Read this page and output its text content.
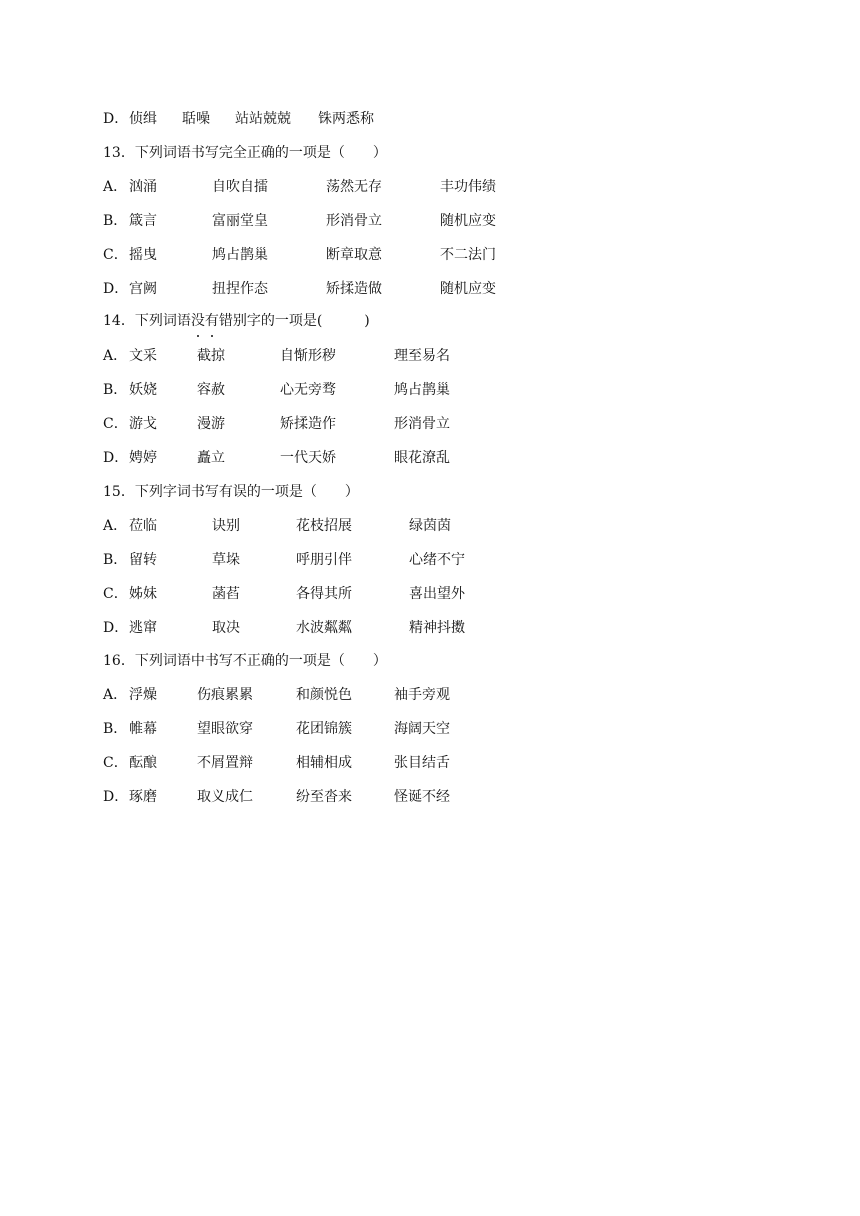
D． 侦缉 聒噪 站站兢兢 铢两悉称
13．下列词语书写完全正确的一项是（　　）
A． 汹涌	自吹自擂	荡然无存	丰功伟绩
B． 箴言	富丽堂皇	形消骨立	随机应变
C． 摇曳	鸠占鹊巢	断章取意	不二法门
D． 宫阙	扭捏作态	矫揉造做	随机应变
14．下列词语没有错别字的一项是(　　　)
A． 文采	截掠	自惭形秽	理至易名
B． 妖娆	容赦	心无旁骛	鸠占鹊巢
C． 游戈	漫游	矫揉造作	形消骨立
D． 娉婷	矗立	一代天娇	眼花潦乱
15．下列字词书写有误的一项是（　　）
A． 莅临	诀别	花枝招展	绿茵茵
B． 留转	草垛	呼朋引伴	心绪不宁
C． 姊妹	菡萏	各得其所	喜出望外
D． 逃窜	取决	水波粼粼	精神抖擞
16．下列词语中书写不正确的一项是（　　）
A． 浮燥	伤痕累累	和颜悦色	袖手旁观
B． 帷幕	望眼欲穿	花团锦簇	海阔天空
C． 酝酿	不屑置辩	相辅相成	张目结舌
D． 琢磨	取义成仁	纷至沓来	怪诞不经
